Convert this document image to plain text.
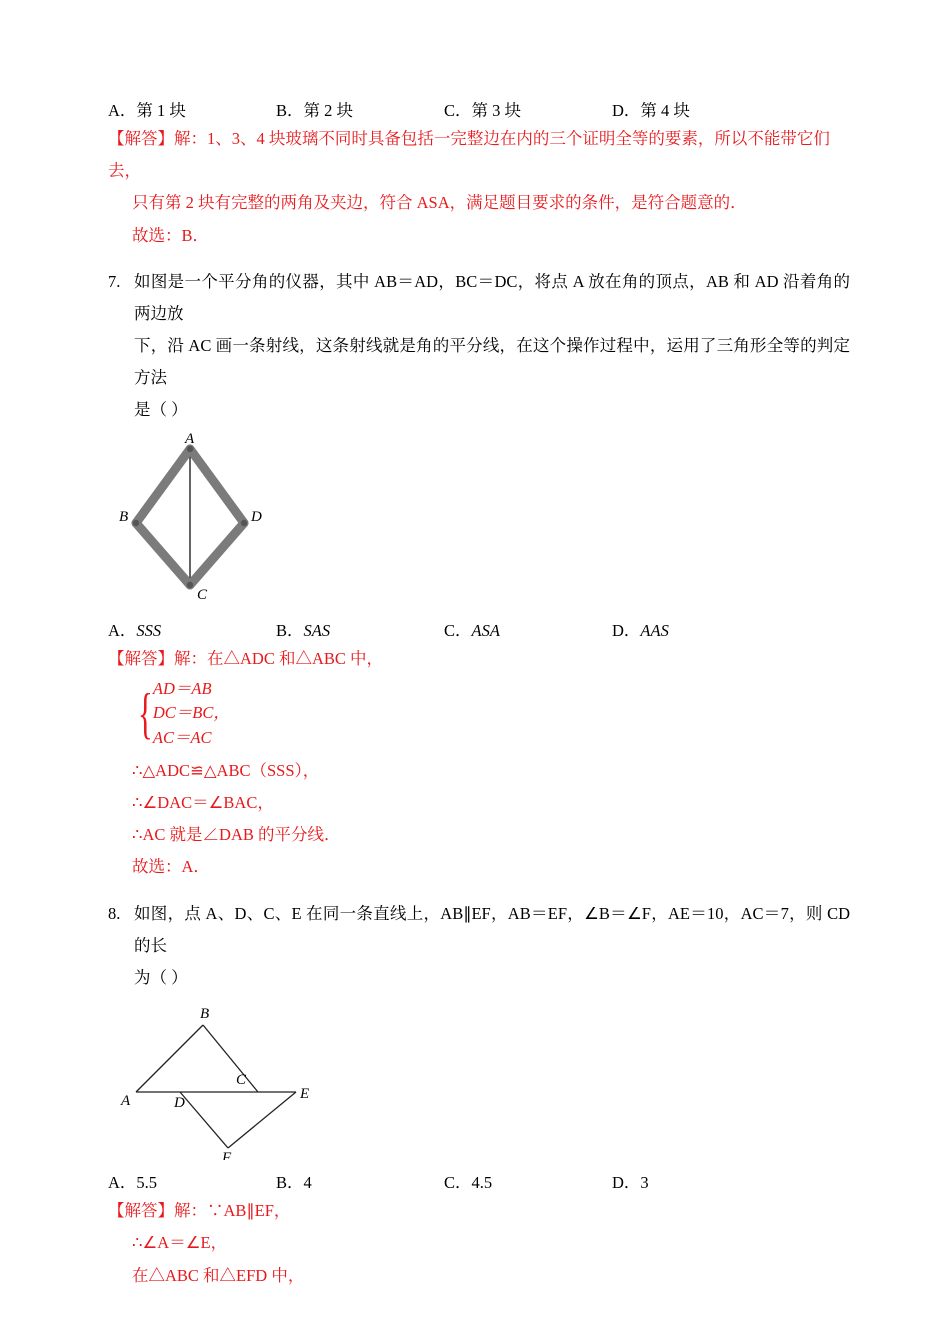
A．第 1 块	B．第 2 块	C．第 3 块	D．第 4 块
【解答】解：1、3、4 块玻璃不同时具备包括一完整边在内的三个证明全等的要素，所以不能带它们去，
只有第 2 块有完整的两角及夹边，符合 ASA，满足题目要求的条件，是符合题意的．
故选：B．
7. 如图是一个平分角的仪器，其中 AB＝AD，BC＝DC，将点 A 放在角的顶点，AB 和 AD 沿着角的两边放
下，沿 AC 画一条射线，这条射线就是角的平分线，在这个操作过程中，运用了三角形全等的判定方法
是（ ）
A
B	D
C
A．SSS	B．SAS	C．ASA	D．AAS
【解答】解：在△ADC 和△ABC 中，
{ AD＝AB
DC＝BC，
AC＝AC
∴△ADC≌△ABC（SSS），
∴∠DAC＝∠BAC，
∴AC 就是∠DAB 的平分线．
故选：A．
8. 如图，点 A、D、C、E 在同一条直线上，AB∥EF，AB＝EF，∠B＝∠F，AE＝10，AC＝7，则 CD 的长
为（ ）
B
A	D
C
E
F
A．5.5	B．4	C．4.5	D．3
【解答】解：∵AB∥EF，
∴∠A＝∠E，
在△ABC 和△EFD 中，
